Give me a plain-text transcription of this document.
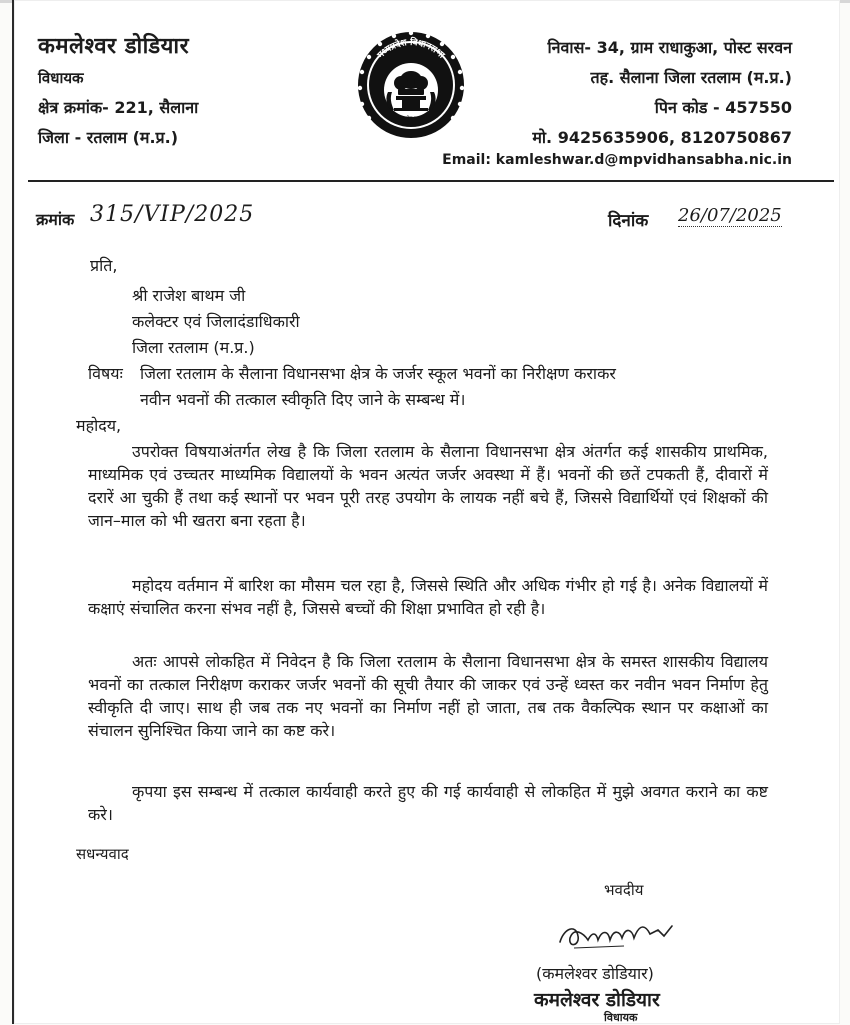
कमलेश्वर डोडियार
विधायक
क्षेत्र क्रमांक- 221, सैलाना
जिला - रतलाम (म.प्र.)
मध्यप्रदेश विधानसभा
सत्यमेव जयते
निवास- 34, ग्राम राधाकुआ, पोस्ट सरवन
तह. सैलाना जिला रतलाम (म.प्र.)
पिन कोड - 457550
मो. 9425635906, 8120750867
Email: kamleshwar.d@mpvidhansabha.nic.in
क्रमांक 315/VIP/2025	दिनांक 26/07/2025
प्रति,
श्री राजेश बाथम जी
कलेक्टर एवं जिलादंडाधिकारी
जिला रतलाम (म.प्र.)
विषयः जिला रतलाम के सैलाना विधानसभा क्षेत्र के जर्जर स्कूल भवनों का निरीक्षण कराकर
नवीन भवनों की तत्काल स्वीकृति दिए जाने के सम्बन्ध में।
महोदय,
उपरोक्त विषयाअंतर्गत लेख है कि जिला रतलाम के सैलाना विधानसभा क्षेत्र अंतर्गत कई शासकीय प्राथमिक, माध्यमिक एवं उच्चतर माध्यमिक विद्यालयों के भवन अत्यंत जर्जर अवस्था में हैं। भवनों की छतें टपकती हैं, दीवारों में दरारें आ चुकी हैं तथा कई स्थानों पर भवन पूरी तरह उपयोग के लायक नहीं बचे हैं, जिससे विद्यार्थियों एवं शिक्षकों की जान–माल को भी खतरा बना रहता है।
महोदय वर्तमान में बारिश का मौसम चल रहा है, जिससे स्थिति और अधिक गंभीर हो गई है। अनेक विद्यालयों में कक्षाएं संचालित करना संभव नहीं है, जिससे बच्चों की शिक्षा प्रभावित हो रही है।
अतः आपसे लोकहित में निवेदन है कि जिला रतलाम के सैलाना विधानसभा क्षेत्र के समस्त शासकीय विद्यालय भवनों का तत्काल निरीक्षण कराकर जर्जर भवनों की सूची तैयार की जाकर एवं उन्हें ध्वस्त कर नवीन भवन निर्माण हेतु स्वीकृति दी जाए। साथ ही जब तक नए भवनों का निर्माण नहीं हो जाता, तब तक वैकल्पिक स्थान पर कक्षाओं का संचालन सुनिश्चित किया जाने का कष्ट करे।
कृपया इस सम्बन्ध में तत्काल कार्यवाही करते हुए की गई कार्यवाही से लोकहित में मुझे अवगत कराने का कष्ट करे।
सधन्यवाद
भवदीय
(कमलेश्वर डोडियार)
कमलेश्वर डोडियार
विधायक
